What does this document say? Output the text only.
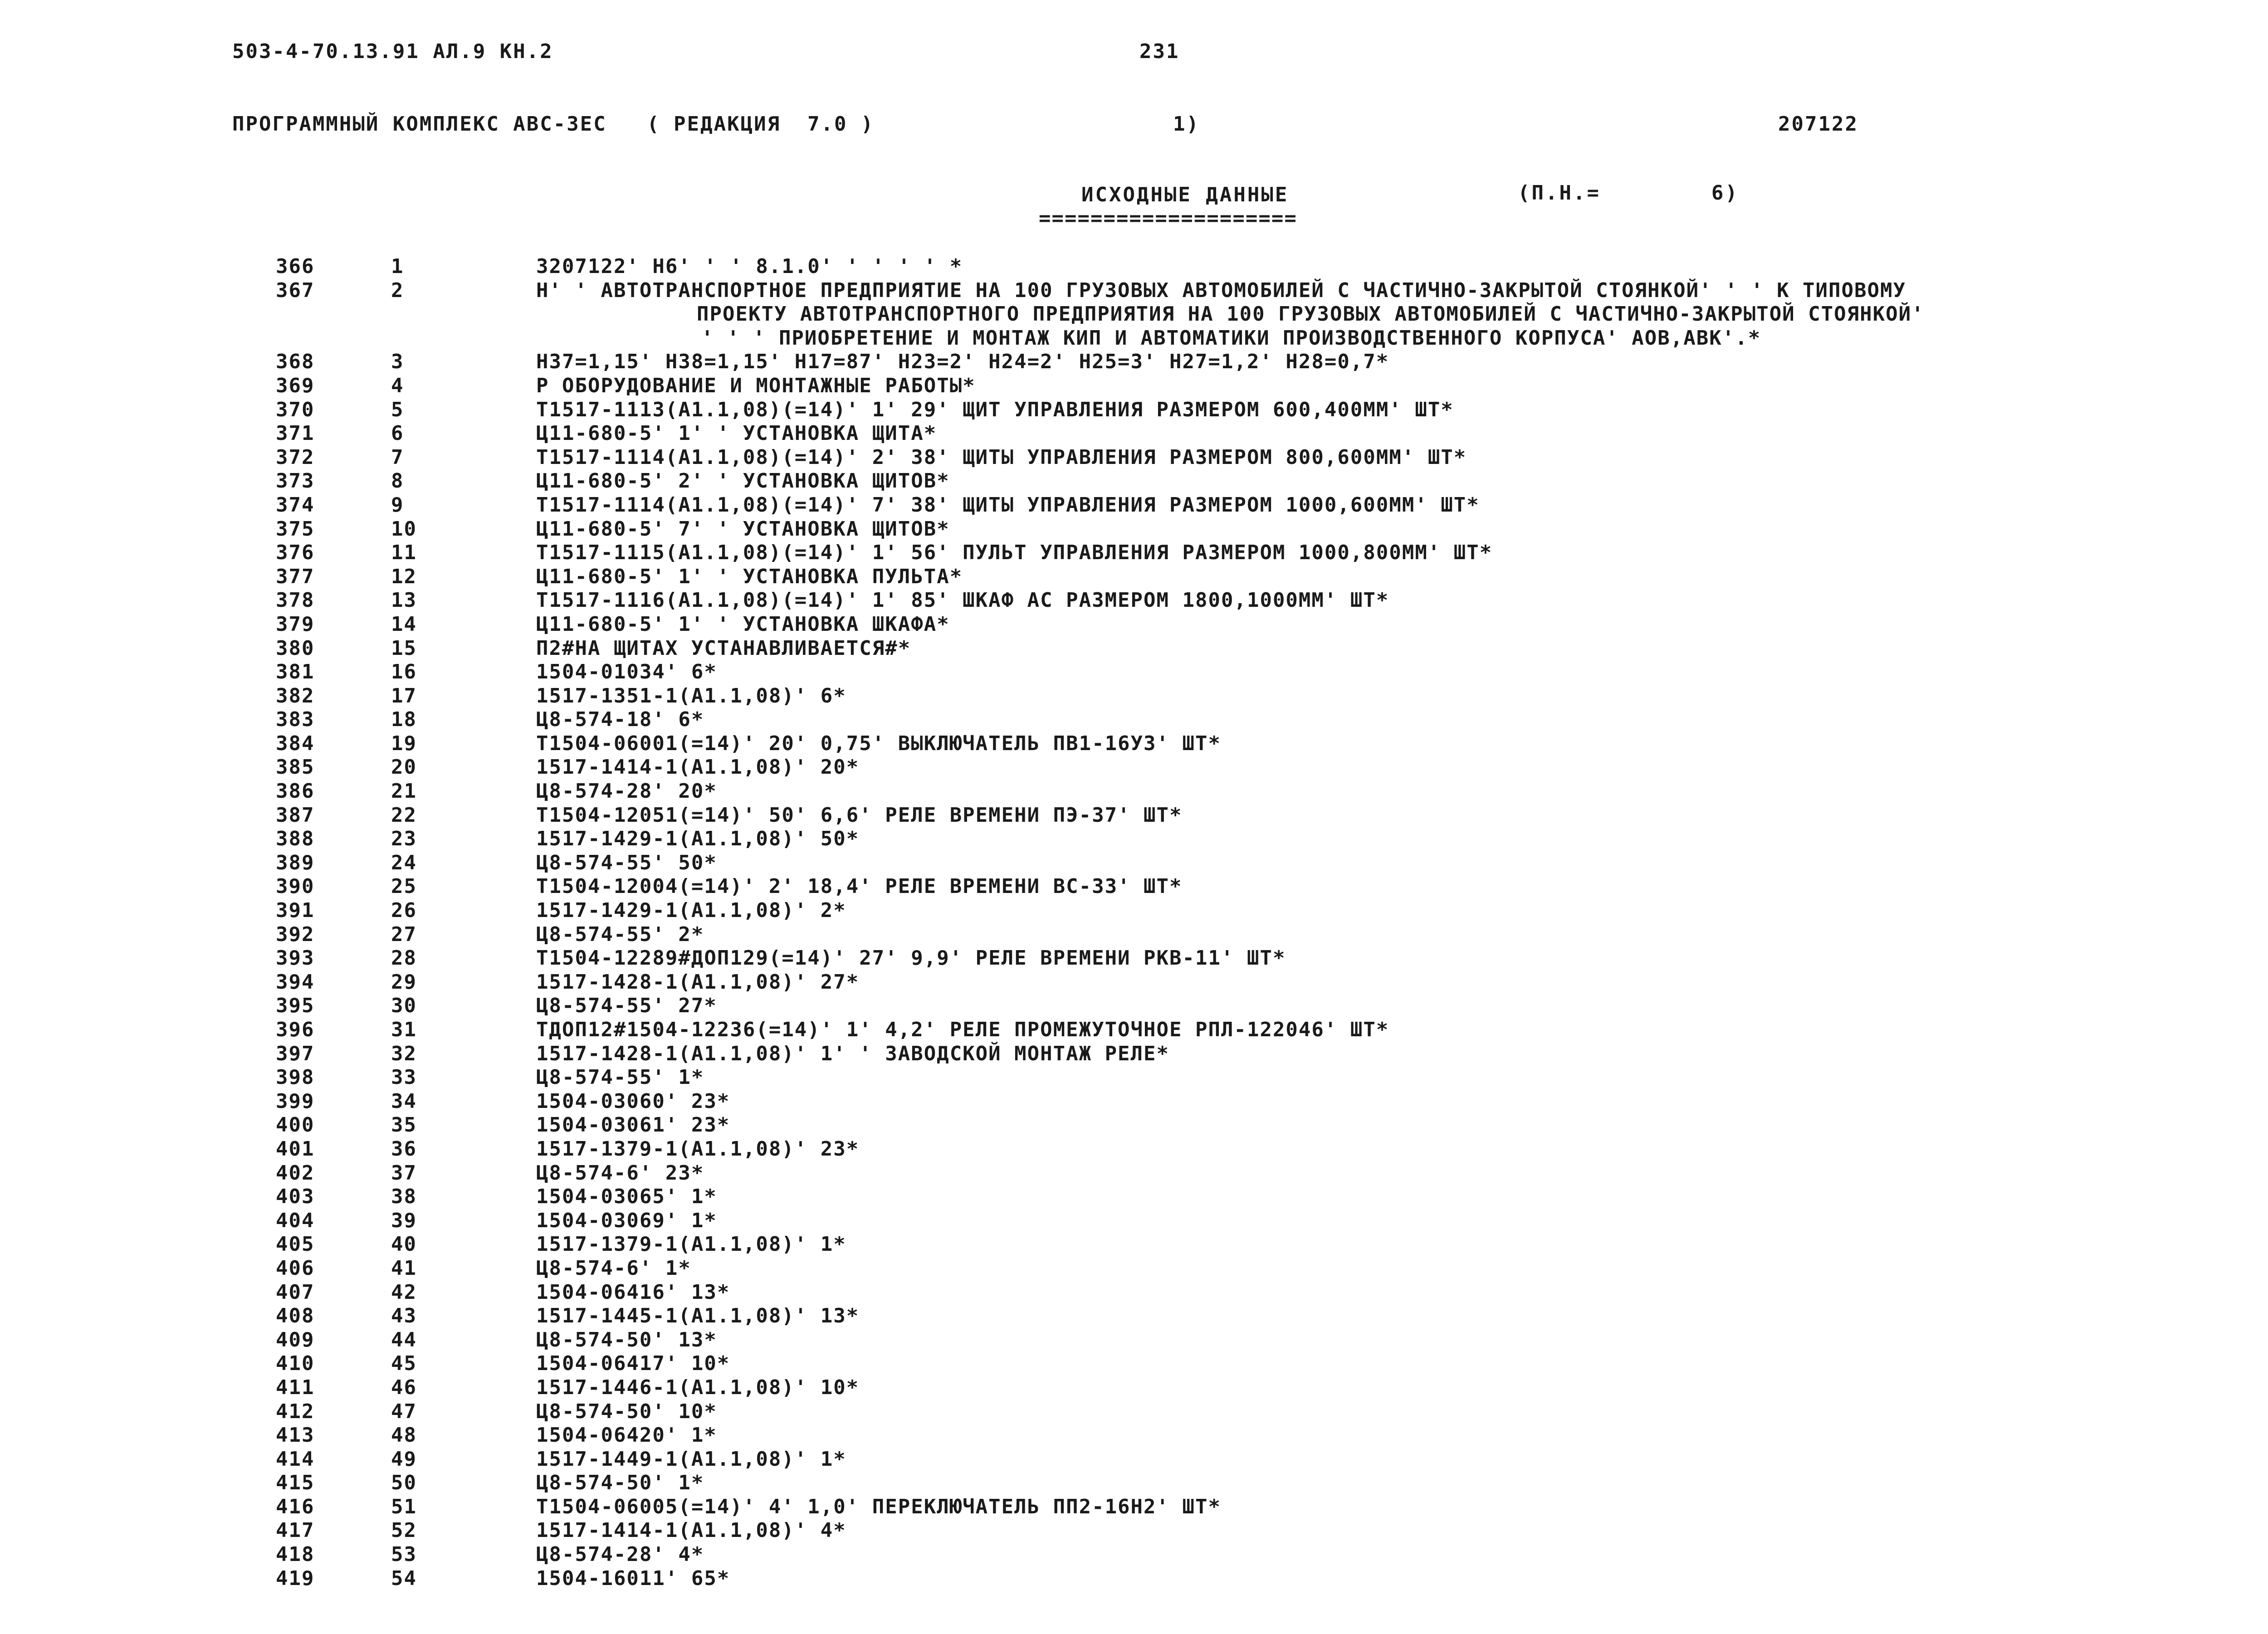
503-4-70.13.91 АЛ.9 КН.2	231
ПРОГРАММНЫЙ КОМПЛЕКС АВС-3ЕС   ( РЕДАКЦИЯ  7.0 )	1)	207122
ИСХОДНЫЕ ДАННЫЕ	(П.Н.=        6)
====================
366	1	3207122' Н6' ' ' 8.1.0' ' ' ' ' *
367	2	Н' ' АВТОТРАНСПОРТНОЕ ПРЕДПРИЯТИЕ НА 100 ГРУЗОВЫХ АВТОМОБИЛЕЙ С ЧАСТИЧНО-ЗАКРЫТОЙ СТОЯНКОЙ' ' ' К ТИПОВОМУ
ПРОЕКТУ АВТОТРАНСПОРТНОГО ПРЕДПРИЯТИЯ НА 100 ГРУЗОВЫХ АВТОМОБИЛЕЙ С ЧАСТИЧНО-ЗАКРЫТОЙ СТОЯНКОЙ'
' ' ' ПРИОБРЕТЕНИЕ И МОНТАЖ КИП И АВТОМАТИКИ ПРОИЗВОДСТВЕННОГО КОРПУСА' АОВ,АВК'.*
368	3	Н37=1,15' Н38=1,15' Н17=87' Н23=2' Н24=2' Н25=3' Н27=1,2' Н28=0,7*
369	4	Р ОБОРУДОВАНИЕ И МОНТАЖНЫЕ РАБОТЫ*
370	5	Т1517-1113(А1.1,08)(=14)' 1' 29' ЩИТ УПРАВЛЕНИЯ РАЗМЕРОМ 600,400ММ' ШТ*
371	6	Ц11-680-5' 1' ' УСТАНОВКА ЩИТА*
372	7	Т1517-1114(А1.1,08)(=14)' 2' 38' ЩИТЫ УПРАВЛЕНИЯ РАЗМЕРОМ 800,600ММ' ШТ*
373	8	Ц11-680-5' 2' ' УСТАНОВКА ЩИТОВ*
374	9	Т1517-1114(А1.1,08)(=14)' 7' 38' ЩИТЫ УПРАВЛЕНИЯ РАЗМЕРОМ 1000,600ММ' ШТ*
375	10	Ц11-680-5' 7' ' УСТАНОВКА ЩИТОВ*
376	11	Т1517-1115(А1.1,08)(=14)' 1' 56' ПУЛЬТ УПРАВЛЕНИЯ РАЗМЕРОМ 1000,800ММ' ШТ*
377	12	Ц11-680-5' 1' ' УСТАНОВКА ПУЛЬТА*
378	13	Т1517-1116(А1.1,08)(=14)' 1' 85' ШКАФ АС РАЗМЕРОМ 1800,1000ММ' ШТ*
379	14	Ц11-680-5' 1' ' УСТАНОВКА ШКАФА*
380	15	П2#НА ЩИТАХ УСТАНАВЛИВАЕТСЯ#*
381	16	1504-01034' 6*
382	17	1517-1351-1(А1.1,08)' 6*
383	18	Ц8-574-18' 6*
384	19	Т1504-06001(=14)' 20' 0,75' ВЫКЛЮЧАТЕЛЬ ПВ1-16У3' ШТ*
385	20	1517-1414-1(А1.1,08)' 20*
386	21	Ц8-574-28' 20*
387	22	Т1504-12051(=14)' 50' 6,6' РЕЛЕ ВРЕМЕНИ ПЭ-37' ШТ*
388	23	1517-1429-1(А1.1,08)' 50*
389	24	Ц8-574-55' 50*
390	25	Т1504-12004(=14)' 2' 18,4' РЕЛЕ ВРЕМЕНИ ВС-33' ШТ*
391	26	1517-1429-1(А1.1,08)' 2*
392	27	Ц8-574-55' 2*
393	28	Т1504-12289#ДОП129(=14)' 27' 9,9' РЕЛЕ ВРЕМЕНИ РКВ-11' ШТ*
394	29	1517-1428-1(А1.1,08)' 27*
395	30	Ц8-574-55' 27*
396	31	ТДОП12#1504-12236(=14)' 1' 4,2' РЕЛЕ ПРОМЕЖУТОЧНОЕ РПЛ-122046' ШТ*
397	32	1517-1428-1(А1.1,08)' 1' ' ЗАВОДСКОЙ МОНТАЖ РЕЛЕ*
398	33	Ц8-574-55' 1*
399	34	1504-03060' 23*
400	35	1504-03061' 23*
401	36	1517-1379-1(А1.1,08)' 23*
402	37	Ц8-574-6' 23*
403	38	1504-03065' 1*
404	39	1504-03069' 1*
405	40	1517-1379-1(А1.1,08)' 1*
406	41	Ц8-574-6' 1*
407	42	1504-06416' 13*
408	43	1517-1445-1(А1.1,08)' 13*
409	44	Ц8-574-50' 13*
410	45	1504-06417' 10*
411	46	1517-1446-1(А1.1,08)' 10*
412	47	Ц8-574-50' 10*
413	48	1504-06420' 1*
414	49	1517-1449-1(А1.1,08)' 1*
415	50	Ц8-574-50' 1*
416	51	Т1504-06005(=14)' 4' 1,0' ПЕРЕКЛЮЧАТЕЛЬ ПП2-16Н2' ШТ*
417	52	1517-1414-1(А1.1,08)' 4*
418	53	Ц8-574-28' 4*
419	54	1504-16011' 65*
